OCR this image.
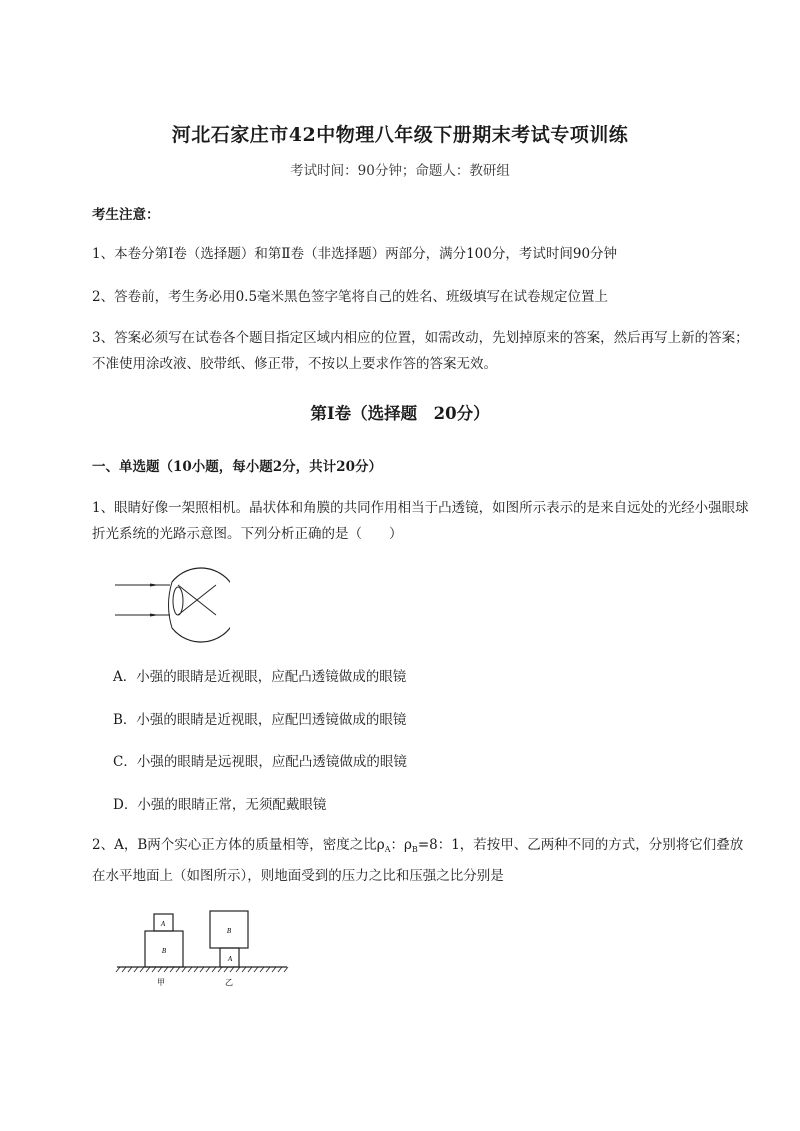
河北石家庄市42中物理八年级下册期末考试专项训练
考试时间：90分钟；命题人：教研组
考生注意：
1、本卷分第Ⅰ卷（选择题）和第Ⅱ卷（非选择题）两部分，满分100分，考试时间90分钟
2、答卷前，考生务必用0.5毫米黑色签字笔将自己的姓名、班级填写在试卷规定位置上
3、答案必须写在试卷各个题目指定区域内相应的位置，如需改动，先划掉原来的答案，然后再写上新的答案；不准使用涂改液、胶带纸、修正带，不按以上要求作答的答案无效。
第Ⅰ卷（选择题　20分）
一、单选题（10小题，每小题2分，共计20分）
1、眼睛好像一架照相机。晶状体和角膜的共同作用相当于凸透镜，如图所示表示的是来自远处的光经小强眼球折光系统的光路示意图。下列分析正确的是（　　）
A．小强的眼睛是近视眼，应配凸透镜做成的眼镜
B．小强的眼睛是近视眼，应配凹透镜做成的眼镜
C．小强的眼睛是远视眼，应配凸透镜做成的眼镜
D．小强的眼睛正常，无须配戴眼镜
2、A，B两个实心正方体的质量相等，密度之比$\rho_A$：$\rho_B=8$：1，若按甲、乙两种不同的方式，分别将它们叠放在水平地面上（如图所示），则地面受到的压力之比和压强之比分别是
A
B
B
A
甲	乙
